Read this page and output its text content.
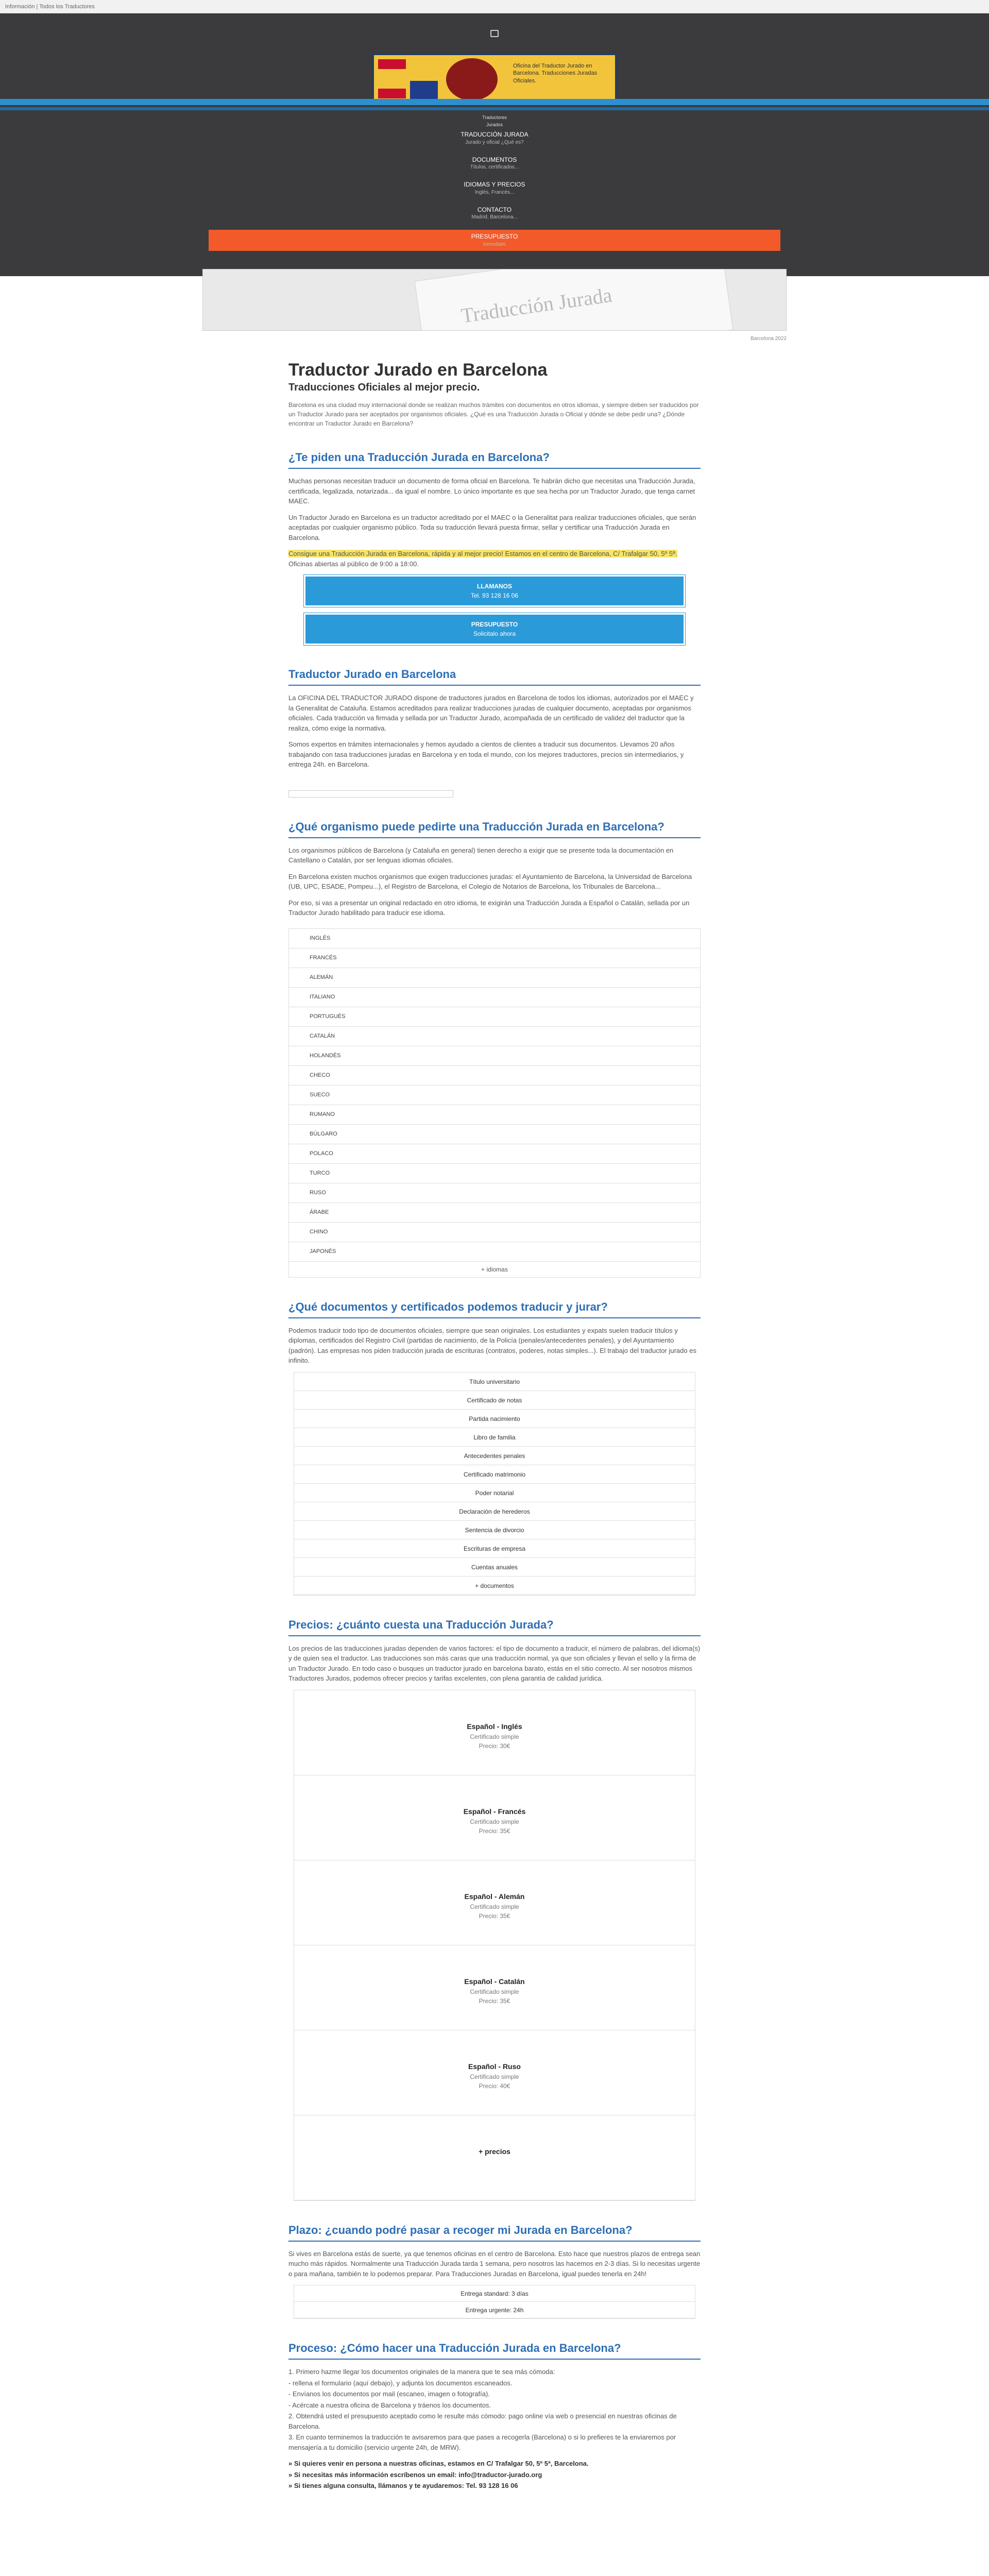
Información | Todos los Traductores
Oficina del Traductor Jurado en Barcelona. Traducciones Juradas Oficiales.
Traductores Jurados
TRADUCCIÓN JURADA
Jurado y oficial ¿Qué es?
DOCUMENTOS
Títulos, certificados...
IDIOMAS Y PRECIOS
Inglés, Francés...
CONTACTO
Madrid, Barcelona...
PRESUPUESTO
Inmediato
Traducción Jurada
Barcelona 2022
Traductor Jurado en Barcelona
Traducciones Oficiales al mejor precio.

Barcelona es una ciudad muy internacional donde se realizan muchos trámites con documentos en otros idiomas, y siempre deben ser traducidos por un Traductor Jurado para ser aceptados por organismos oficiales. ¿Qué es una Traducción Jurada o Oficial y dónde se debe pedir una? ¿Dónde encontrar un Traductor Jurado en Barcelona?

¿Te piden una Traducción Jurada en Barcelona?

Muchas personas necesitan traducir un documento de forma oficial en Barcelona. Te habrán dicho que necesitas una Traducción Jurada, certificada, legalizada, notarizada... da igual el nombre. Lo único importante es que sea hecha por un Traductor Jurado, que tenga carnet MAEC.

Un Traductor Jurado en Barcelona es un traductor acreditado por el MAEC o la Generalitat para realizar traducciones oficiales, que serán aceptadas por cualquier organismo público. Toda su traducción llevará puesta firmar, sellar y certificar una Traducción Jurada en Barcelona.

Consigue una Traducción Jurada en Barcelona, rápida y al mejor precio! Estamos en el centro de Barcelona, C/ Trafalgar 50, 5º 5ª.
Oficinas abiertas al público de 9:00 a 18:00.

LLAMANOS
Tel. 93 128 16 06
PRESUPUESTO
Solicitalo ahora
Traductor Jurado en Barcelona

La OFICINA DEL TRADUCTOR JURADO dispone de traductores jurados en Barcelona de todos los idiomas, autorizados por el MAEC y la Generalitat de Cataluña. Estamos acreditados para realizar traducciones juradas de cualquier documento, aceptadas por organismos oficiales. Cada traducción va firmada y sellada por un Traductor Jurado, acompañada de un certificado de validez del traductor que la realiza, cómo exige la normativa.

Somos expertos en trámites internacionales y hemos ayudado a cientos de clientes a traducir sus documentos. Llevamos 20 años trabajando con tasa traducciones juradas en Barcelona y en toda el mundo, con los mejores traductores, precios sin intermediarios, y entrega 24h. en Barcelona.

¿Qué organismo puede pedirte una Traducción Jurada en Barcelona?

Los organismos públicos de Barcelona (y Cataluña en general) tienen derecho a exigir que se presente toda la documentación en Castellano o Catalán, por ser lenguas idiomas oficiales.

En Barcelona existen muchos organismos que exigen traducciones juradas: el Ayuntamiento de Barcelona, la Universidad de Barcelona (UB, UPC, ESADE, Pompeu...), el Registro de Barcelona, el Colegio de Notarios de Barcelona, los Tribunales de Barcelona...

Por eso, si vas a presentar un original redactado en otro idioma, te exigirán una Traducción Jurada a Español o Catalán, sellada por un Traductor Jurado habilitado para traducir ese idioma.

INGLÉS
FRANCÉS
ALEMÁN
ITALIANO
PORTUGUÉS
CATALÁN
HOLANDÉS
CHECO
SUECO
RUMANO
BÚLGARO
POLACO
TURCO
RUSO
ÁRABE
CHINO
JAPONÉS
+ idiomas
¿Qué documentos y certificados podemos traducir y jurar?

Podemos traducir todo tipo de documentos oficiales, siempre que sean originales. Los estudiantes y expats suelen traducir títulos y diplomas, certificados del Registro Civil (partidas de nacimiento, de la Policía (penales/antecedentes penales), y del Ayuntamiento (padrón). Las empresas nos piden traducción jurada de escrituras (contratos, poderes, notas simples...). El trabajo del traductor jurado es infinito.

Título universitario
Certificado de notas
Partida nacimiento
Libro de familia
Antecedentes penales
Certificado matrimonio
Poder notarial
Declaración de herederos
Sentencia de divorcio
Escrituras de empresa
Cuentas anuales
+ documentos
Precios: ¿cuánto cuesta una Traducción Jurada?

Los precios de las traducciones juradas dependen de varios factores: el tipo de documento a traducir, el número de palabras, del idioma(s) y de quien sea el traductor. Las traducciones son más caras que una traducción normal, ya que son oficiales y llevan el sello y la firma de un Traductor Jurado. En todo caso o busques un traductor jurado en barcelona barato, estás en el sitio correcto. Al ser nosotros mismos Traductores Jurados, podemos ofrecer precios y tarifas excelentes, con plena garantía de calidad jurídica.

Español - Inglés
Certificado simple
Precio: 30€
Español - Francés
Certificado simple
Precio: 35€
Español - Alemán
Certificado simple
Precio: 35€
Español - Catalán
Certificado simple
Precio: 35€
Español - Ruso
Certificado simple
Precio: 40€
+ precios
Plazo: ¿cuando podré pasar a recoger mi Jurada en Barcelona?

Si vives en Barcelona estás de suerte, ya que tenemos oficinas en el centro de Barcelona. Esto hace que nuestros plazos de entrega sean mucho más rápidos. Normalmente una Traducción Jurada tarda 1 semana, pero nosotros las hacemos en 2-3 días. Si lo necesitas urgente o para mañana, también te lo podemos preparar. Para Traducciones Juradas en Barcelona, igual puedes tenerla en 24h!

Entrega standard: 3 días
Entrega urgente: 24h
Proceso: ¿Cómo hacer una Traducción Jurada en Barcelona?
1. Primero hazme llegar los documentos originales de la manera que te sea más cómoda:
- rellena el formulario (aquí debajo), y adjunta los documentos escaneados.
- Envíanos los documentos por mail (escaneo, imagen o fotografía).
- Acércate a nuestra oficina de Barcelona y tráenos los documentos.
2. Obtendrá usted el presupuesto aceptado como le resulte más cómodo: pago online vía web o presencial en nuestras oficinas de Barcelona.
3. En cuanto terminemos la traducción te avisaremos para que pases a recogerla (Barcelona) o si lo prefieres te la enviaremos por mensajería a tu domicilio (servicio urgente 24h, de MRW).
» Si quieres venir en persona a nuestras oficinas, estamos en C/ Trafalgar 50, 5º 5ª, Barcelona.
» Si necesitas más información escríbenos un email: info@traductor-jurado.org
» Si tienes alguna consulta, llámanos y te ayudaremos: Tel. 93 128 16 06
